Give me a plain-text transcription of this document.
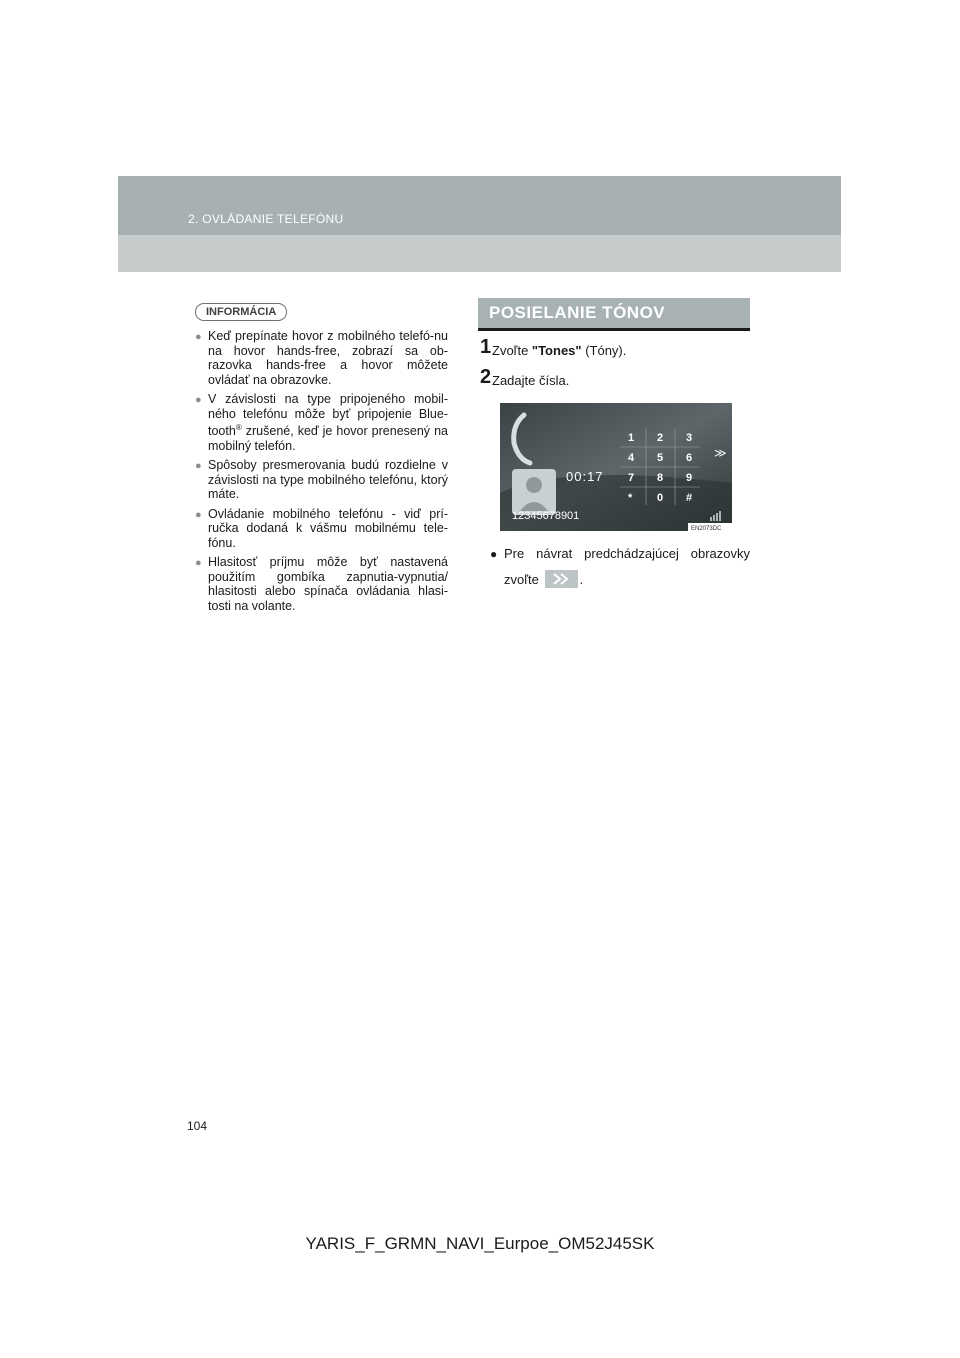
2. OVLÁDANIE TELEFÓNU
INFORMÁCIA
● Keď prepínate hovor z mobilného telefó-nu na hovor hands-free, zobrazí sa ob-razovka hands-free a hovor môžete ovládať na obrazovke.
● V závislosti na type pripojeného mobil-ného telefónu môže byť pripojenie Blue-tooth® zrušené, keď je hovor prenesený na mobilný telefón.
● Spôsoby presmerovania budú rozdielne v závislosti na type mobilného telefónu, ktorý máte.
● Ovládanie mobilného telefónu - viď prí-ručka dodaná k vášmu mobilnému tele-fónu.
● Hlasitosť príjmu môže byť nastavená použitím gombíka zapnutia-vypnutia/ hlasitosti alebo spínača ovládania hlasi-tosti na volante.
POSIELANIE TÓNOV
1 Zvoľte "Tones" (Tóny).
2 Zadajte čísla.
00:17
12345678901
1 2 3
4 5 6
7 8 9
* 0 #
≫
EN2073DC
● Pre návrat predchádzajúcej obrazovky zvoľte	.
104
YARIS_F_GRMN_NAVI_Eurpoe_OM52J45SK
